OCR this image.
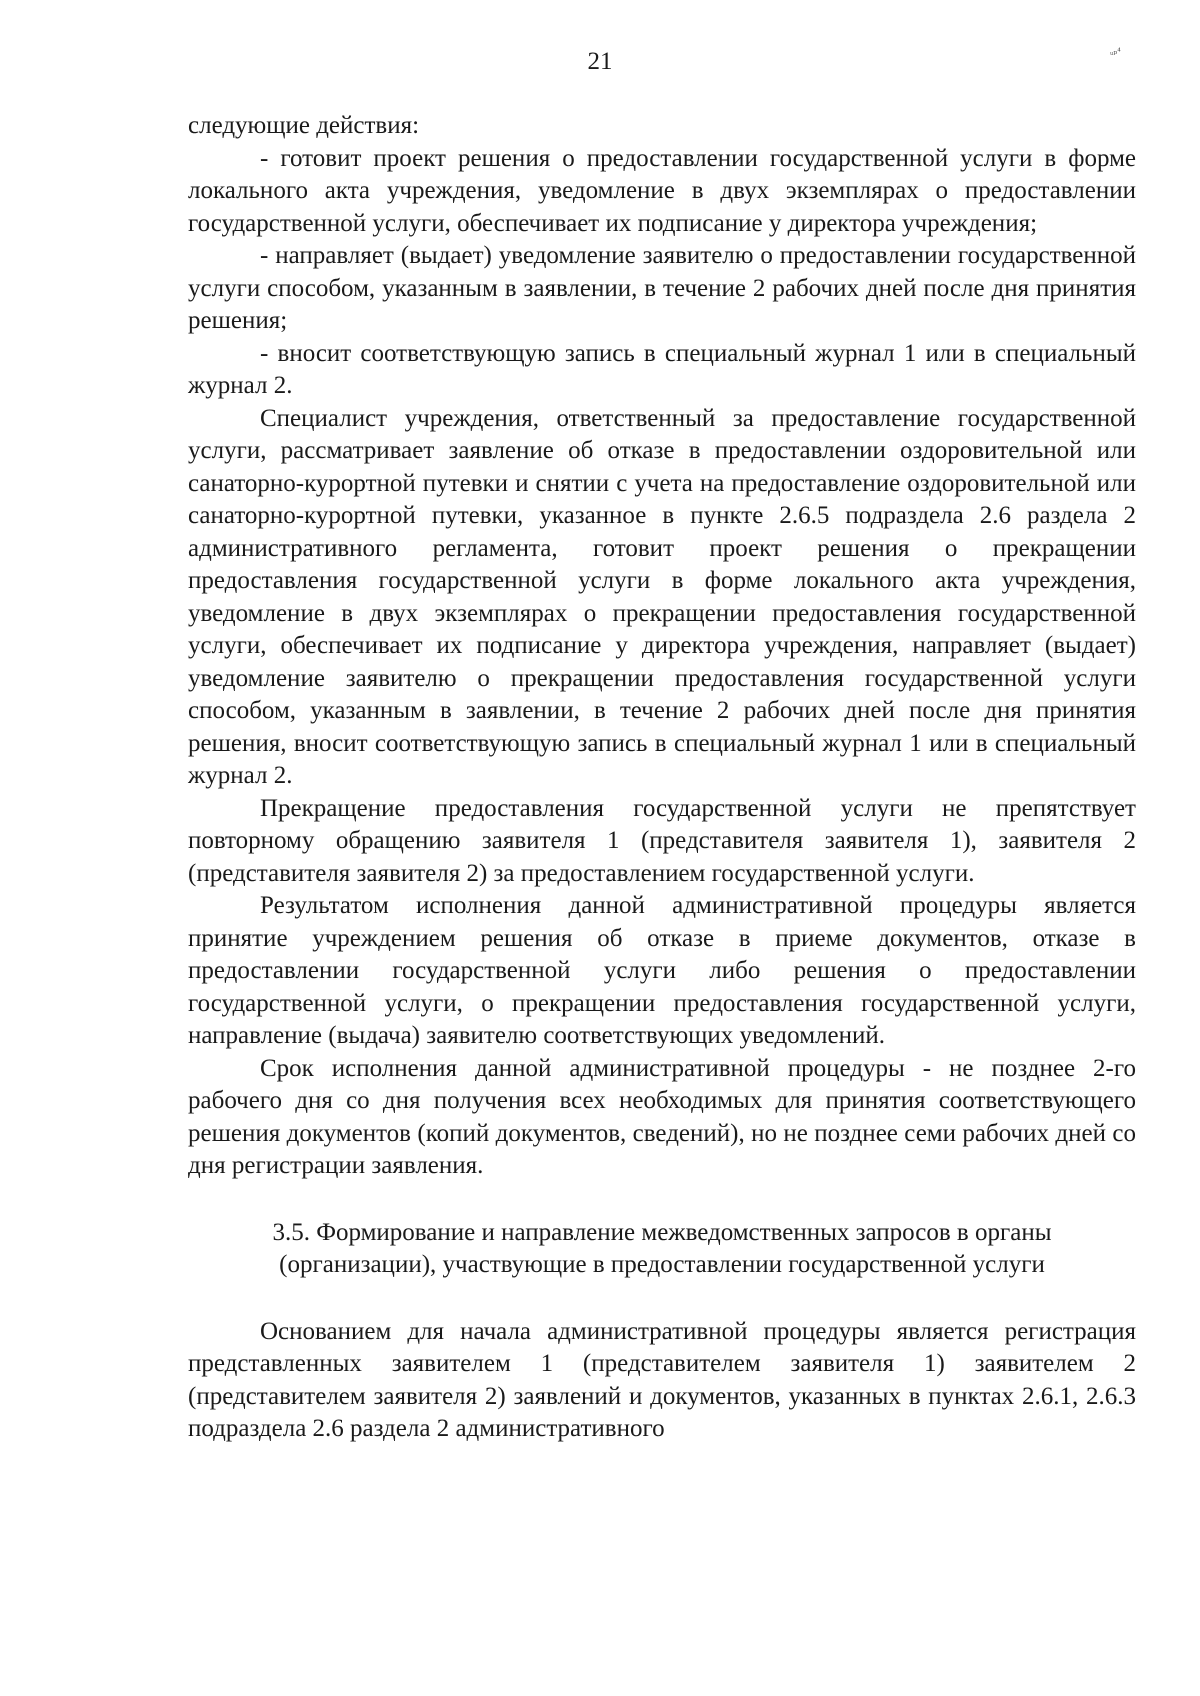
21	ᵤₚ⁴

следующие действия:

- готовит проект решения о предоставлении государственной услуги в форме локального акта учреждения, уведомление в двух экземплярах о предоставлении государственной услуги, обеспечивает их подписание у директора учреждения;

- направляет (выдает) уведомление заявителю о предоставлении государственной услуги способом, указанным в заявлении, в течение 2 рабочих дней после дня принятия решения;

- вносит соответствующую запись в специальный журнал 1 или в специальный журнал 2.

Специалист учреждения, ответственный за предоставление государственной услуги, рассматривает заявление об отказе в предоставлении оздоровительной или санаторно-курортной путевки и снятии с учета на предоставление оздоровительной или санаторно-курортной путевки, указанное в пункте 2.6.5 подраздела 2.6 раздела 2 административного регламента, готовит проект решения о прекращении предоставления государственной услуги в форме локального акта учреждения, уведомление в двух экземплярах о прекращении предоставления государственной услуги, обеспечивает их подписание у директора учреждения, направляет (выдает) уведомление заявителю о прекращении предоставления государственной услуги способом, указанным в заявлении, в течение 2 рабочих дней после дня принятия решения, вносит соответствующую запись в специальный журнал 1 или в специальный журнал 2.

Прекращение предоставления государственной услуги не препятствует повторному обращению заявителя 1 (представителя заявителя 1), заявителя 2 (представителя заявителя 2) за предоставлением государственной услуги.

Результатом исполнения данной административной процедуры является принятие учреждением решения об отказе в приеме документов, отказе в предоставлении государственной услуги либо решения о предоставлении государственной услуги, о прекращении предоставления государственной услуги, направление (выдача) заявителю соответствующих уведомлений.

Срок исполнения данной административной процедуры - не позднее 2-го рабочего дня со дня получения всех необходимых для принятия соответствующего решения документов (копий документов, сведений), но не позднее семи рабочих дней со дня регистрации заявления.

3.5. Формирование и направление межведомственных запросов в органы (организации), участвующие в предоставлении государственной услуги

Основанием для начала административной процедуры является регистрация представленных заявителем 1 (представителем заявителя 1) заявителем 2 (представителем заявителя 2) заявлений и документов, указанных в пунктах 2.6.1, 2.6.3 подраздела 2.6 раздела 2 административного
